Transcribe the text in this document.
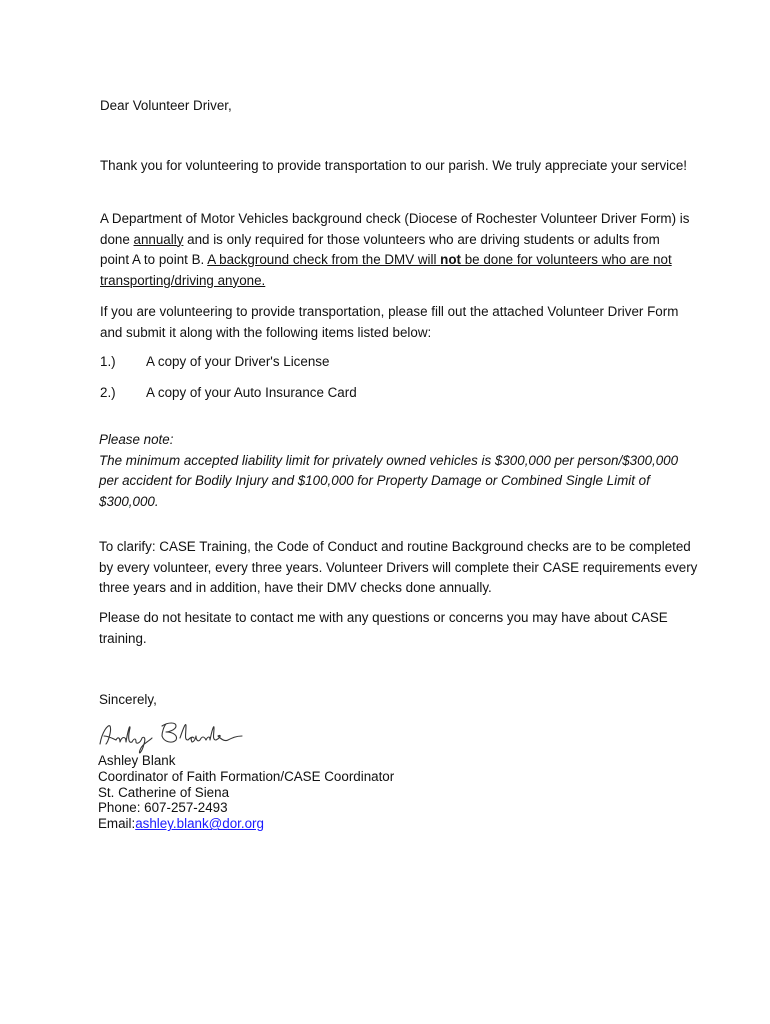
Dear Volunteer Driver,

Thank you for volunteering to provide transportation to our parish. We truly appreciate your service!

A Department of Motor Vehicles background check (Diocese of Rochester Volunteer Driver Form) is done annually and is only required for those volunteers who are driving students or adults from point A to point B. A background check from the DMV will not be done for volunteers who are not transporting/driving anyone.

If you are volunteering to provide transportation, please fill out the attached Volunteer Driver Form and submit it along with the following items listed below:

1.) A copy of your Driver's License
2.) A copy of your Auto Insurance Card
Please note:
The minimum accepted liability limit for privately owned vehicles is $300,000 per person/$300,000 per accident for Bodily Injury and $100,000 for Property Damage or Combined Single Limit of $300,000.

To clarify: CASE Training, the Code of Conduct and routine Background checks are to be completed by every volunteer, every three years. Volunteer Drivers will complete their CASE requirements every three years and in addition, have their DMV checks done annually.

Please do not hesitate to contact me with any questions or concerns you may have about CASE training.

Sincerely,

Ashley Blank
Coordinator of Faith Formation/CASE Coordinator
St. Catherine of Siena
Phone: 607-257-2493
Email:ashley.blank@dor.org
